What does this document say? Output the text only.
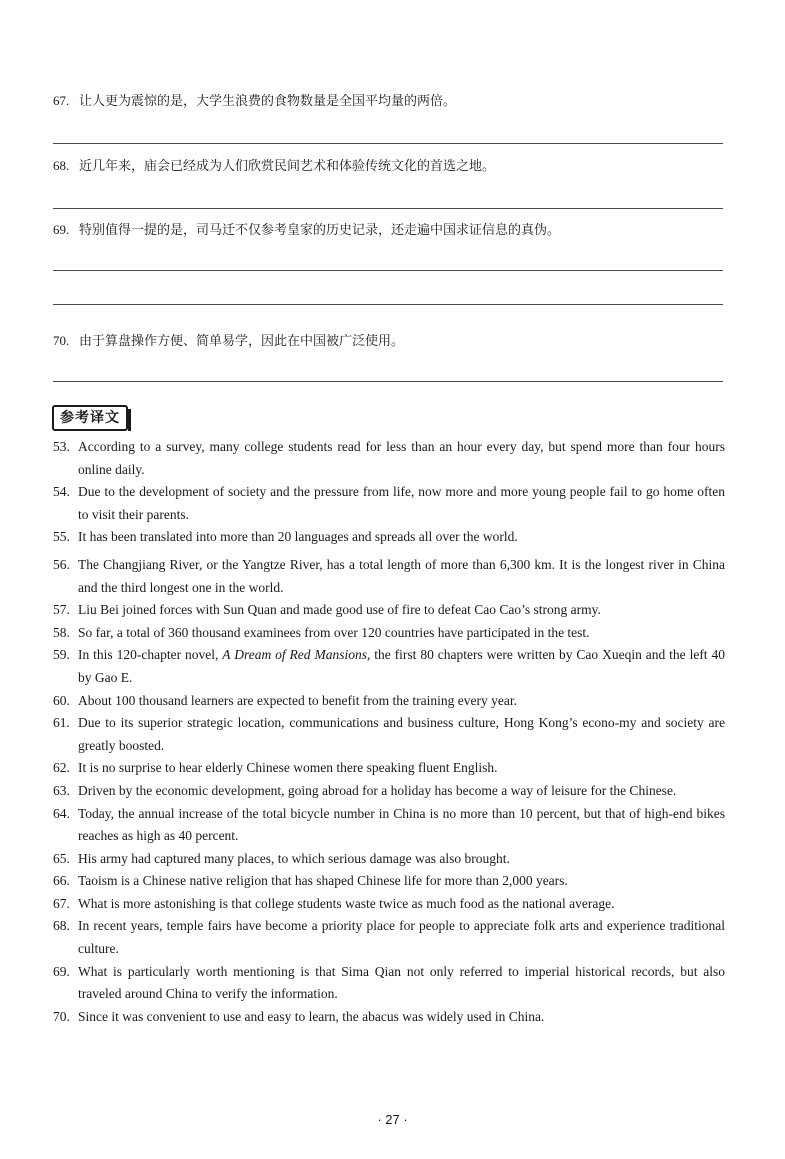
67. 让人更为震惊的是，大学生浪费的食物数量是全国平均量的两倍。
68. 近几年来，庙会已经成为人们欣赏民间艺术和体验传统文化的首选之地。
69. 特别值得一提的是，司马迁不仅参考皇家的历史记录，还走遍中国求证信息的真伪。
70. 由于算盘操作方便、简单易学，因此在中国被广泛使用。
参考译文
53. According to a survey, many college students read for less than an hour every day, but spend more than four hours online daily.
54. Due to the development of society and the pressure from life, now more and more young people fail to go home often to visit their parents.
55. It has been translated into more than 20 languages and spreads all over the world.
56. The Changjiang River, or the Yangtze River, has a total length of more than 6,300 km. It is the longest river in China and the third longest one in the world.
57. Liu Bei joined forces with Sun Quan and made good use of fire to defeat Cao Cao’s strong army.
58. So far, a total of 360 thousand examinees from over 120 countries have participated in the test.
59. In this 120-chapter novel, A Dream of Red Mansions, the first 80 chapters were written by Cao Xueqin and the left 40 by Gao E.
60. About 100 thousand learners are expected to benefit from the training every year.
61. Due to its superior strategic location, communications and business culture, Hong Kong’s econo-my and society are greatly boosted.
62. It is no surprise to hear elderly Chinese women there speaking fluent English.
63. Driven by the economic development, going abroad for a holiday has become a way of leisure for the Chinese.
64. Today, the annual increase of the total bicycle number in China is no more than 10 percent, but that of high-end bikes reaches as high as 40 percent.
65. His army had captured many places, to which serious damage was also brought.
66. Taoism is a Chinese native religion that has shaped Chinese life for more than 2,000 years.
67. What is more astonishing is that college students waste twice as much food as the national average.
68. In recent years, temple fairs have become a priority place for people to appreciate folk arts and experience traditional culture.
69. What is particularly worth mentioning is that Sima Qian not only referred to imperial historical records, but also traveled around China to verify the information.
70. Since it was convenient to use and easy to learn, the abacus was widely used in China.
· 27 ·
